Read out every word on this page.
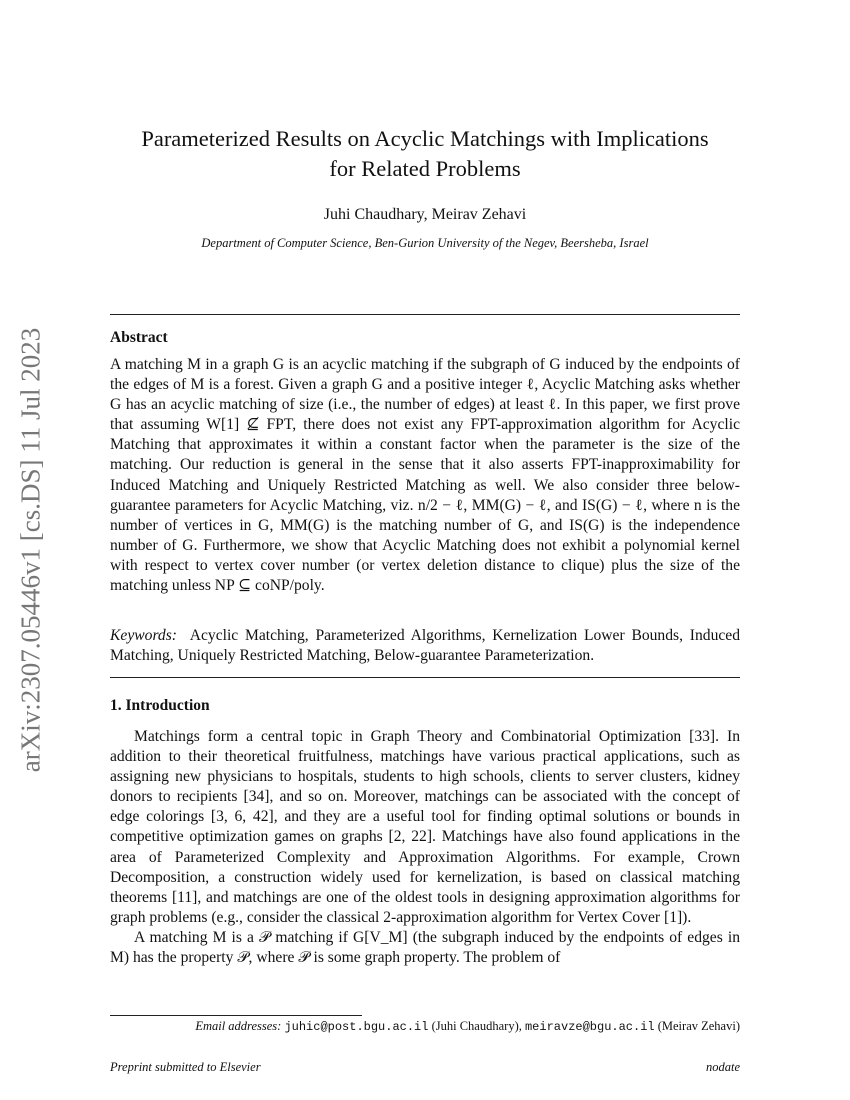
arXiv:2307.05446v1 [cs.DS] 11 Jul 2023
Parameterized Results on Acyclic Matchings with Implications
for Related Problems
Juhi Chaudhary, Meirav Zehavi
Department of Computer Science, Ben-Gurion University of the Negev, Beersheba, Israel
Abstract

A matching M in a graph G is an acyclic matching if the subgraph of G induced by the endpoints of the edges of M is a forest. Given a graph G and a positive integer ℓ, Acyclic Matching asks whether G has an acyclic matching of size (i.e., the number of edges) at least ℓ. In this paper, we first prove that assuming W[1] ⊈ FPT, there does not exist any FPT-approximation algorithm for Acyclic Matching that approximates it within a constant factor when the parameter is the size of the matching. Our reduction is general in the sense that it also asserts FPT-inapproximability for Induced Matching and Uniquely Restricted Matching as well. We also consider three below-guarantee parameters for Acyclic Matching, viz. n/2 − ℓ, MM(G) − ℓ, and IS(G) − ℓ, where n is the number of vertices in G, MM(G) is the matching number of G, and IS(G) is the independence number of G. Furthermore, we show that Acyclic Matching does not exhibit a polynomial kernel with respect to vertex cover number (or vertex deletion distance to clique) plus the size of the matching unless NP ⊆ coNP/poly.

Keywords: Acyclic Matching, Parameterized Algorithms, Kernelization Lower Bounds, Induced Matching, Uniquely Restricted Matching, Below-guarantee Parameterization.

1. Introduction

Matchings form a central topic in Graph Theory and Combinatorial Optimization [33]. In addition to their theoretical fruitfulness, matchings have various practical applications, such as assigning new physicians to hospitals, students to high schools, clients to server clusters, kidney donors to recipients [34], and so on. Moreover, matchings can be associated with the concept of edge colorings [3, 6, 42], and they are a useful tool for finding optimal solutions or bounds in competitive optimization games on graphs [2, 22]. Matchings have also found applications in the area of Parameterized Complexity and Approximation Algorithms. For example, Crown Decomposition, a construction widely used for kernelization, is based on classical matching theorems [11], and matchings are one of the oldest tools in designing approximation algorithms for graph problems (e.g., consider the classical 2-approximation algorithm for Vertex Cover [1]).

A matching M is a 𝒫 matching if G[V_M] (the subgraph induced by the endpoints of edges in M) has the property 𝒫, where 𝒫 is some graph property. The problem of

Email addresses: juhic@post.bgu.ac.il (Juhi Chaudhary), meiravze@bgu.ac.il (Meirav Zehavi)
Preprint submitted to Elsevier	nodate
